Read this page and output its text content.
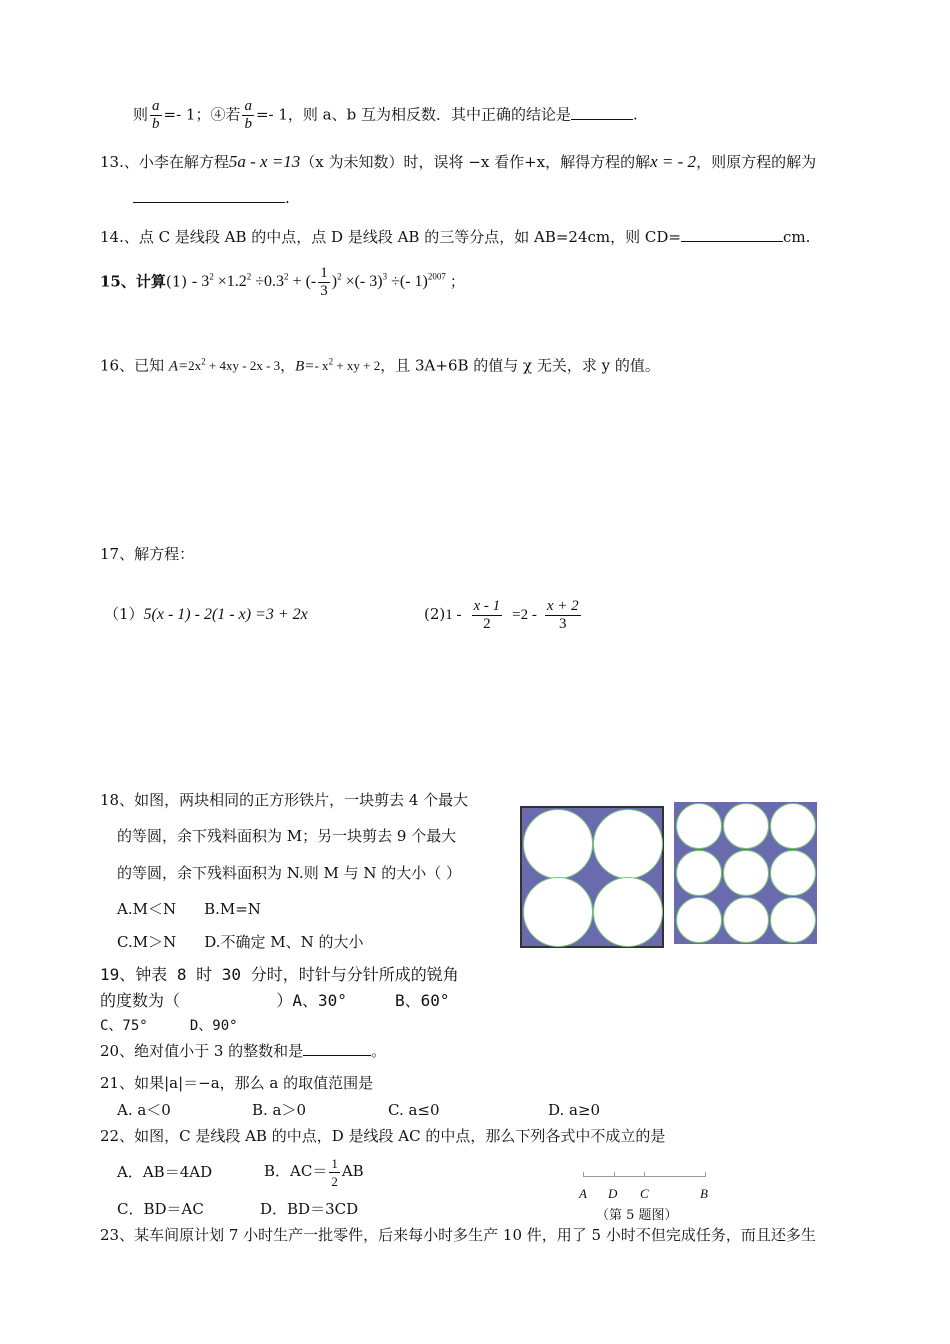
则 $\frac{a}{b} =- 1$；④若 $\frac{a}{b} =- 1$，则 a、b 互为相反数．其中正确的结论是	.
13.、小李在解方程5a - x =13（x 为未知数）时，误将 −x 看作+x，解得方程的解x = - 2，则原方程的解为
.
14.、点 C 是线段 AB 的中点，点 D 是线段 AB 的三等分点，如 AB=24cm，则 CD=	cm.
15、计算$(1) - 3^2 \times 1.2^2 \div 0.3^2$ + (- $\frac{1}{3} )^2$ ×(- 3)$^3$ ÷(- 1)$^{2007}$ ；
16、已知 $A=2x^2 + 4xy - 2x - 3$，B=- $x^2$ + xy + 2，且 3A+6B 的值与 χ 无关，求 y 的值。
17、解方程：
（1）5(x - 1) - 2(1 - x) =3 + 2x	$(2)1 - \frac{x - 1}{2} =2 - \frac{x + 2}{3}$
18、如图，两块相同的正方形铁片，一块剪去 4 个最大
的等圆，余下残料面积为 M；另一块剪去 9 个最大
的等圆，余下残料面积为 N.则 M 与 N 的大小（ ）
A.M＜N B.M=N
C.M＞N D.不确定 M、N 的大小
19、钟表 8 时 30 分时，时针与分针所成的锐角
的度数为（          ）A、30°     B、60°
C、75°     D、90°
20、绝对值小于 3 的整数和是	。
21、如果|a|＝−a，那么 a 的取值范围是
A. a＜0	B. a＞0	C. a≤0	D. a≥0
22、如图，C 是线段 AB 的中点，D 是线段 AC 的中点，那么下列各式中不成立的是
A．AB＝4AD	B．$AC= \frac{1}{2}$ AB
C．BD＝AC	D．BD＝3CD
A D C	B
（第 5 题图）
23、某车间原计划 7 小时生产一批零件，后来每小时多生产 10 件，用了 5 小时不但完成任务，而且还多生
